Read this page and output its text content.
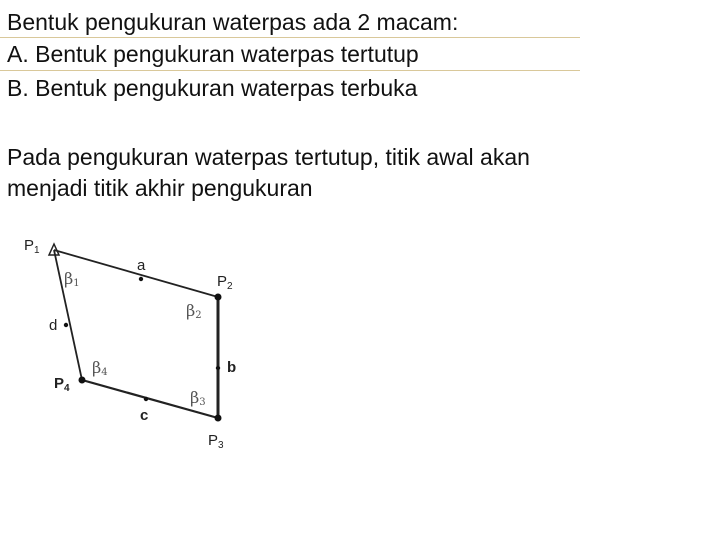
Bentuk pengukuran waterpas ada 2 macam:
A. Bentuk pengukuran waterpas tertutup
B. Bentuk pengukuran waterpas terbuka
Pada pengukuran waterpas tertutup, titik awal akan
menjadi titik akhir pengukuran
$P_1$
$P_2$
$P_3$
$P_4$
a
b
c
d
β1
β2
β3
β4
